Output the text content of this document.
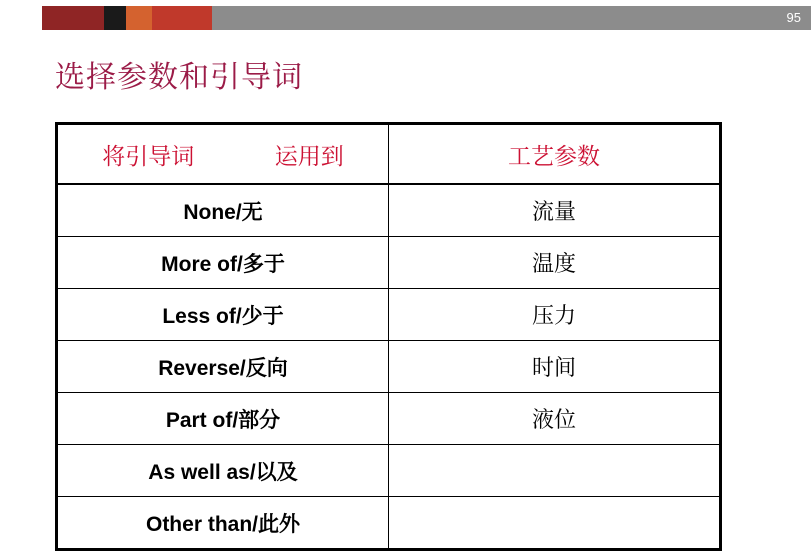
95
选择参数和引导词
将引导词 运用到	工艺参数
None/无	流量
More of/多于	温度
Less of/少于	压力
Reverse/反向	时间
Part of/部分	液位
As well as/以及	
Other than/此外	
